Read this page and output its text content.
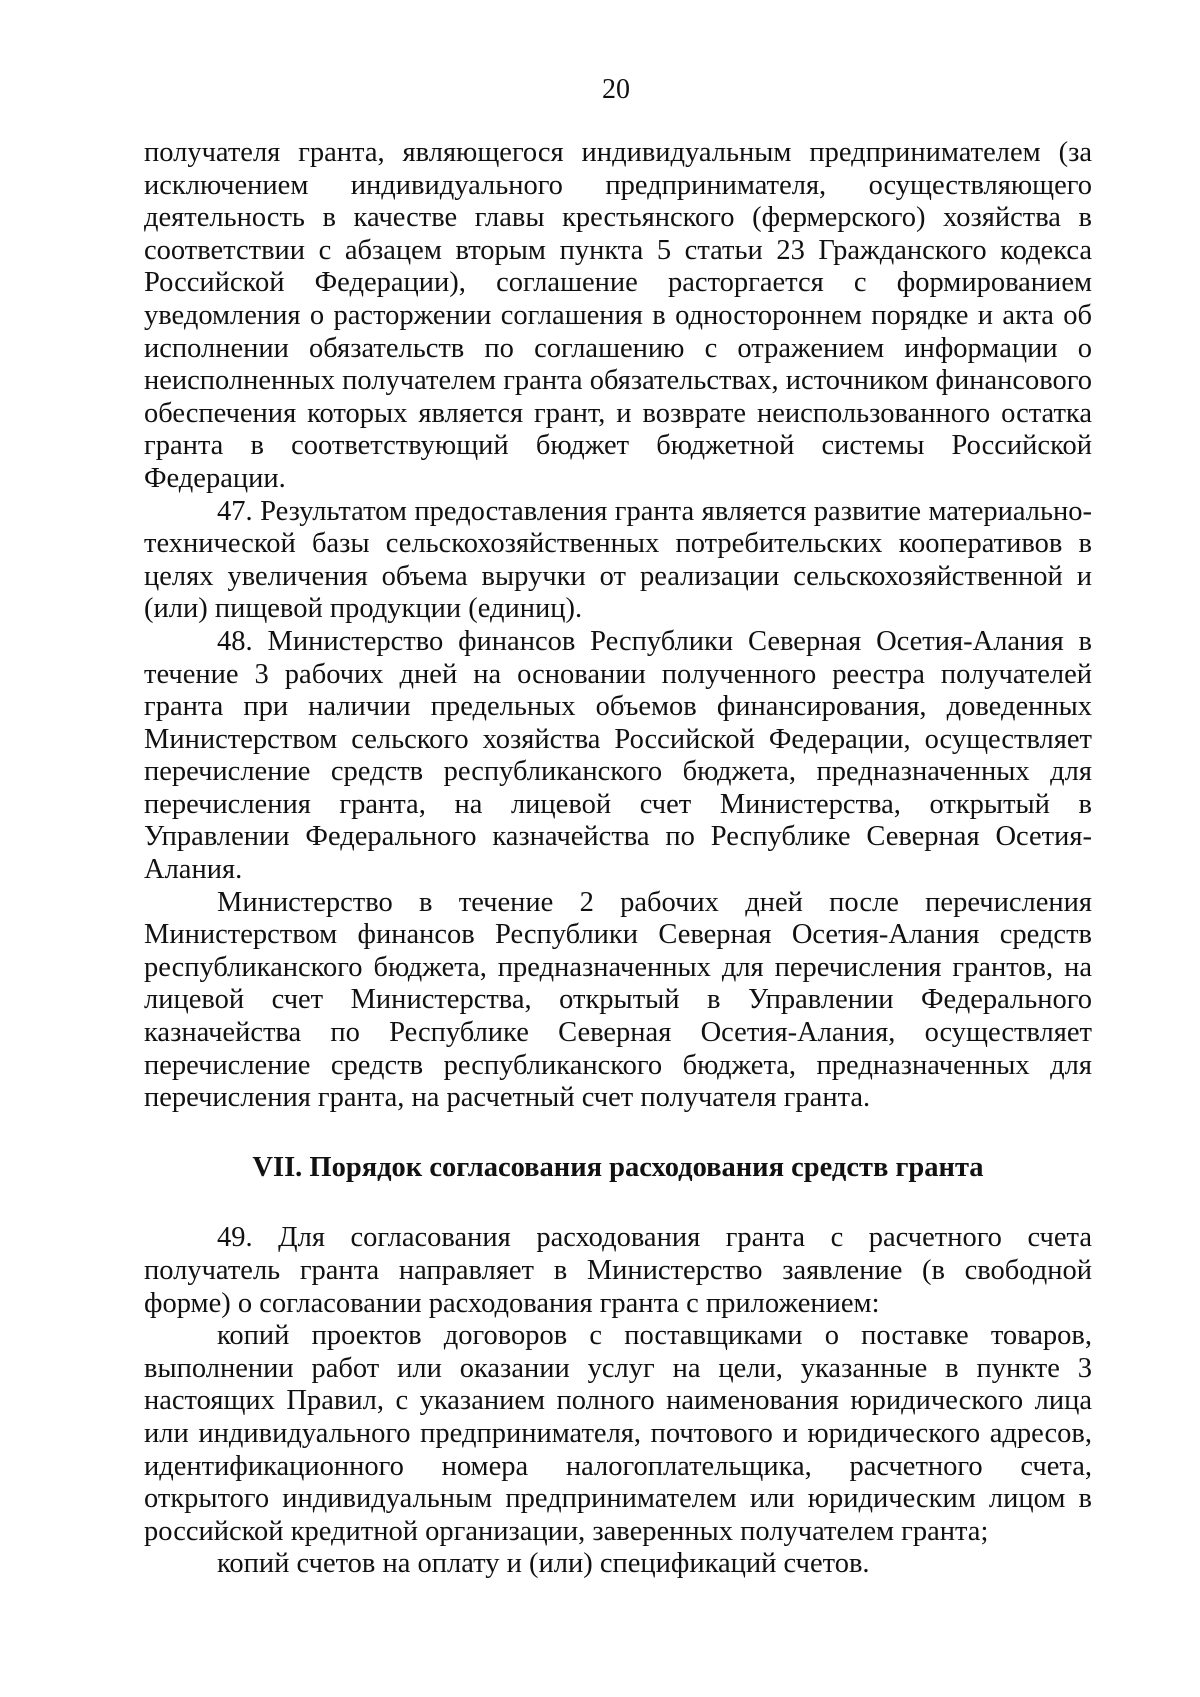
20

получателя гранта, являющегося индивидуальным предпринимателем (за исключением индивидуального предпринимателя, осуществляющего деятельность в качестве главы крестьянского (фермерского) хозяйства в соответствии с абзацем вторым пункта 5 статьи 23 Гражданского кодекса Российской Федерации), соглашение расторгается с формированием уведомления о расторжении соглашения в одностороннем порядке и акта об исполнении обязательств по соглашению с отражением информации о неисполненных получателем гранта обязательствах, источником финансового обеспечения которых является грант, и возврате неиспользованного остатка гранта в соответствующий бюджет бюджетной системы Российской Федерации.

47. Результатом предоставления гранта является развитие материально-технической базы сельскохозяйственных потребительских кооперативов в целях увеличения объема выручки от реализации сельскохозяйственной и (или) пищевой продукции (единиц).

48. Министерство финансов Республики Северная Осетия-Алания в течение 3 рабочих дней на основании полученного реестра получателей гранта при наличии предельных объемов финансирования, доведенных Министерством сельского хозяйства Российской Федерации, осуществляет перечисление средств республиканского бюджета, предназначенных для перечисления гранта, на лицевой счет Министерства, открытый в Управлении Федерального казначейства по Республике Северная Осетия-Алания.

Министерство в течение 2 рабочих дней после перечисления Министерством финансов Республики Северная Осетия-Алания средств республиканского бюджета, предназначенных для перечисления грантов, на лицевой счет Министерства, открытый в Управлении Федерального казначейства по Республике Северная Осетия-Алания, осуществляет перечисление средств республиканского бюджета, предназначенных для перечисления гранта, на расчетный счет получателя гранта.

VII. Порядок согласования расходования средств гранта

49. Для согласования расходования гранта с расчетного счета получатель гранта направляет в Министерство заявление (в свободной форме) о согласовании расходования гранта с приложением:

копий проектов договоров с поставщиками о поставке товаров, выполнении работ или оказании услуг на цели, указанные в пункте 3 настоящих Правил, с указанием полного наименования юридического лица или индивидуального предпринимателя, почтового и юридического адресов, идентификационного номера налогоплательщика, расчетного счета, открытого индивидуальным предпринимателем или юридическим лицом в российской кредитной организации, заверенных получателем гранта;

копий счетов на оплату и (или) спецификаций счетов.
